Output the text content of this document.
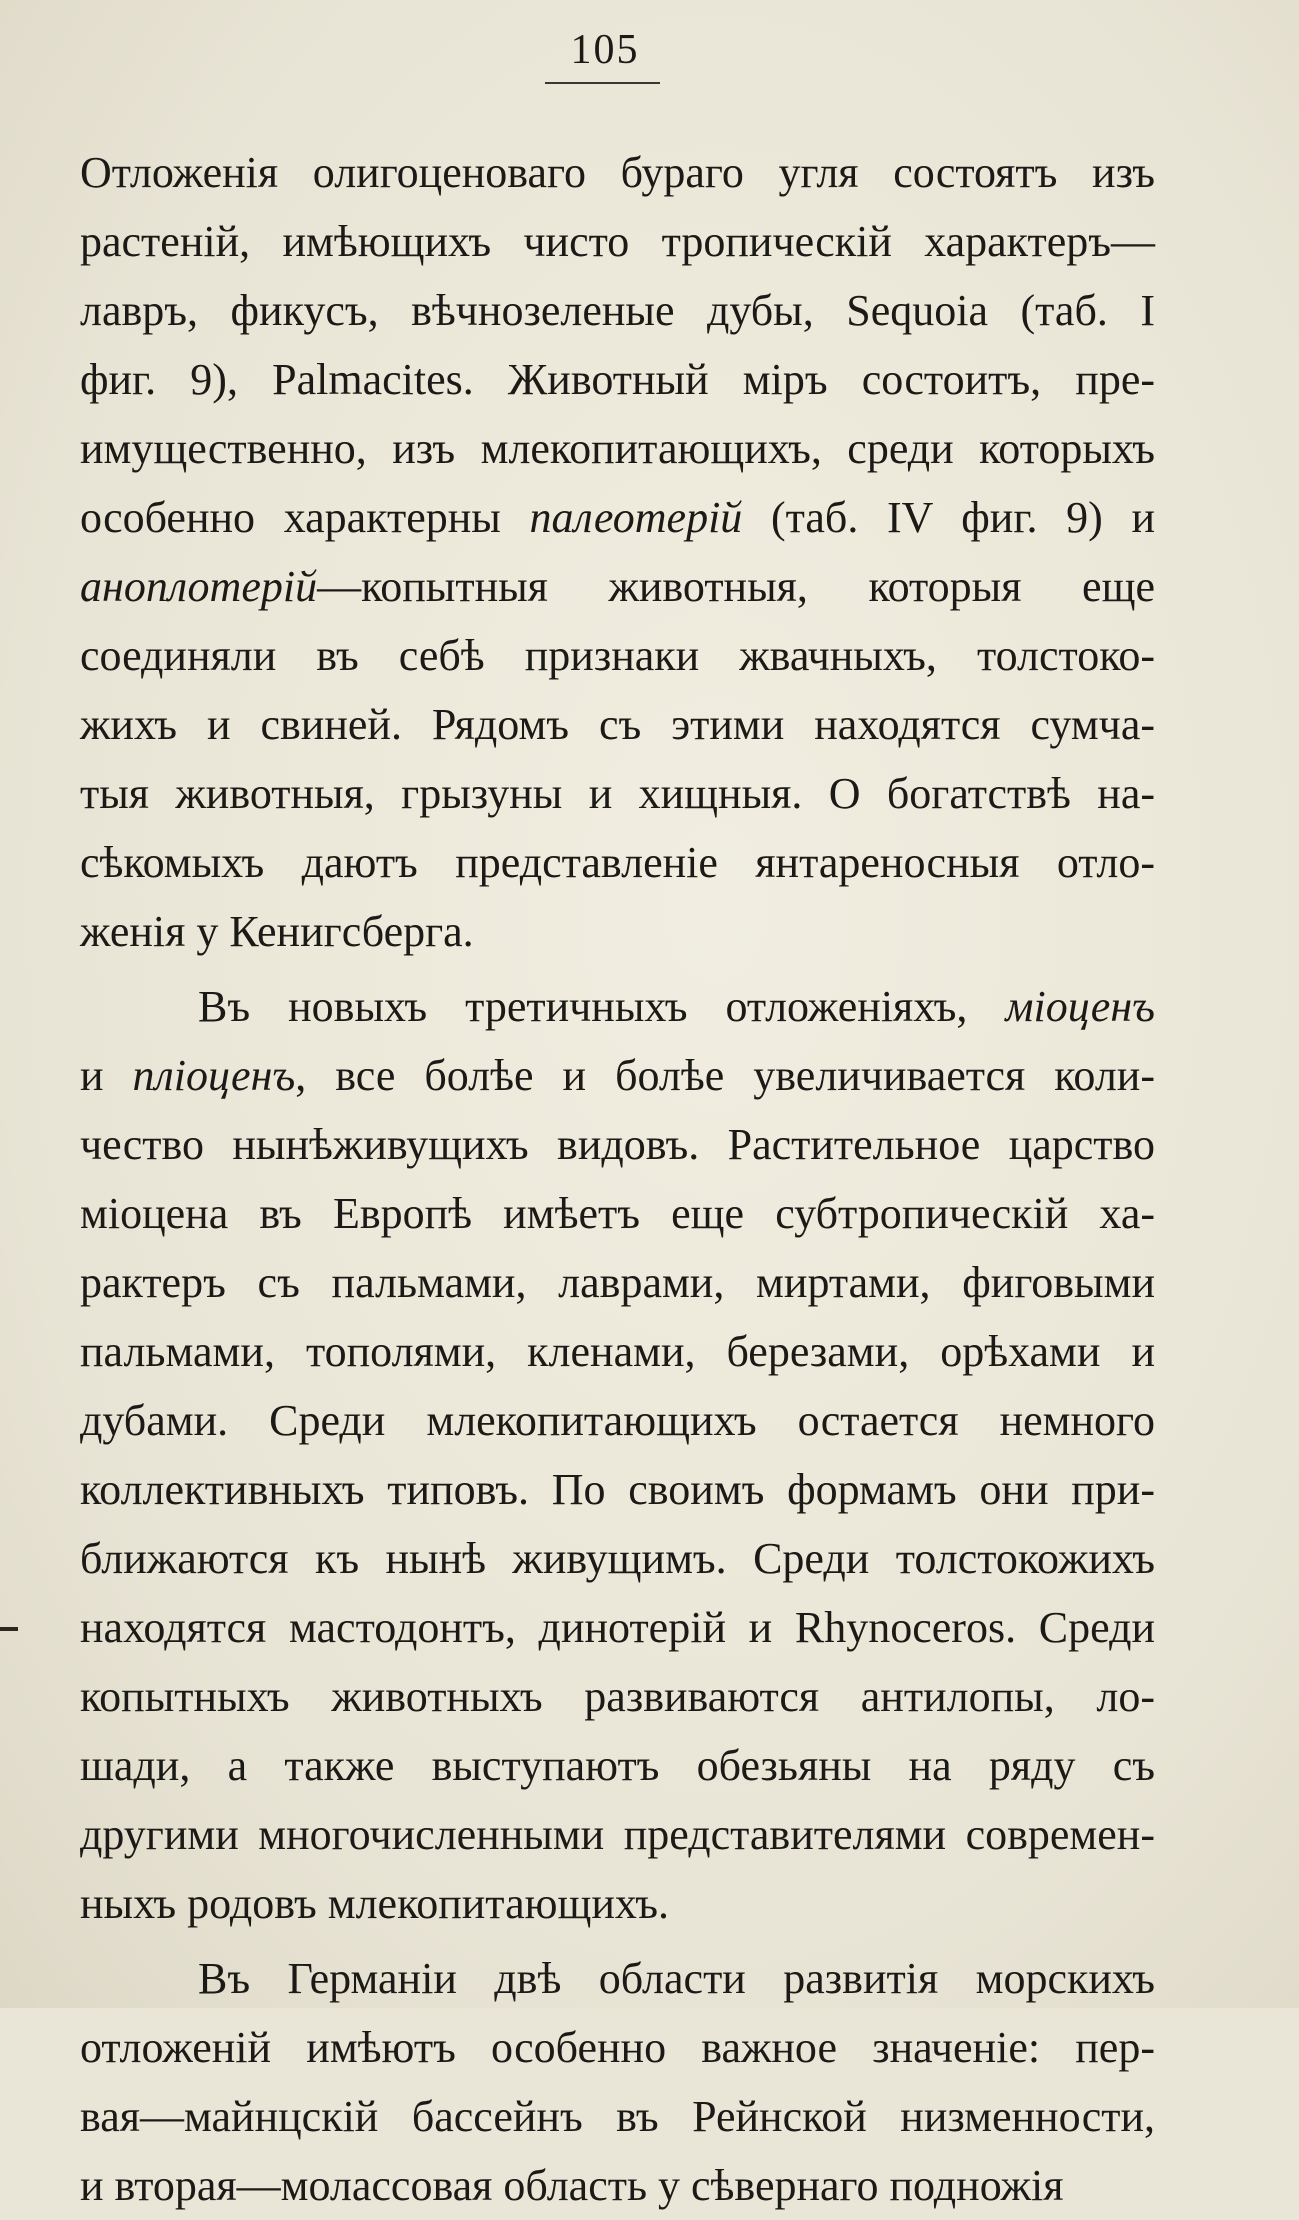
105
Отложенія олигоценоваго бураго угля состоятъ изъ
растеній, имѣющихъ чисто тропическій характеръ—
лавръ, фикусъ, вѣчнозеленые дубы, Sequoia (таб. I
фиг. 9), Palmacites. Животный міръ состоитъ, пре-
имущественно, изъ млекопитающихъ, среди которыхъ
особенно характерны палеотерій (таб. IV фиг. 9) и
аноплотерій—копытныя животныя, которыя еще
соединяли въ себѣ признаки жвачныхъ, толстоко-
жихъ и свиней. Рядомъ съ этими находятся сумча-
тыя животныя, грызуны и хищныя. О богатствѣ на-
сѣкомыхъ даютъ представленіе янтареносныя отло-
женія у Кенигсберга.
Въ новыхъ третичныхъ отложеніяхъ, міоценъ
и пліоценъ, все болѣе и болѣе увеличивается коли-
чество нынѣживущихъ видовъ. Растительное царство
міоцена въ Европѣ имѣетъ еще субтропическій ха-
рактеръ съ пальмами, лаврами, миртами, фиговыми
пальмами, тополями, кленами, березами, орѣхами и
дубами. Среди млекопитающихъ остается немного
коллективныхъ типовъ. По своимъ формамъ они при-
ближаются къ нынѣ живущимъ. Среди толстокожихъ
находятся мастодонтъ, динотерій и Rhynoceros. Среди
копытныхъ животныхъ развиваются антилопы, ло-
шади, а также выступаютъ обезьяны на ряду съ
другими многочисленными представителями современ-
ныхъ родовъ млекопитающихъ.
Въ Германіи двѣ области развитія морскихъ
отложеній имѣютъ особенно важное значеніе: пер-
вая—майнцскій бассейнъ въ Рейнской низменности,
и вторая—молассовая область у сѣвернаго подножія
